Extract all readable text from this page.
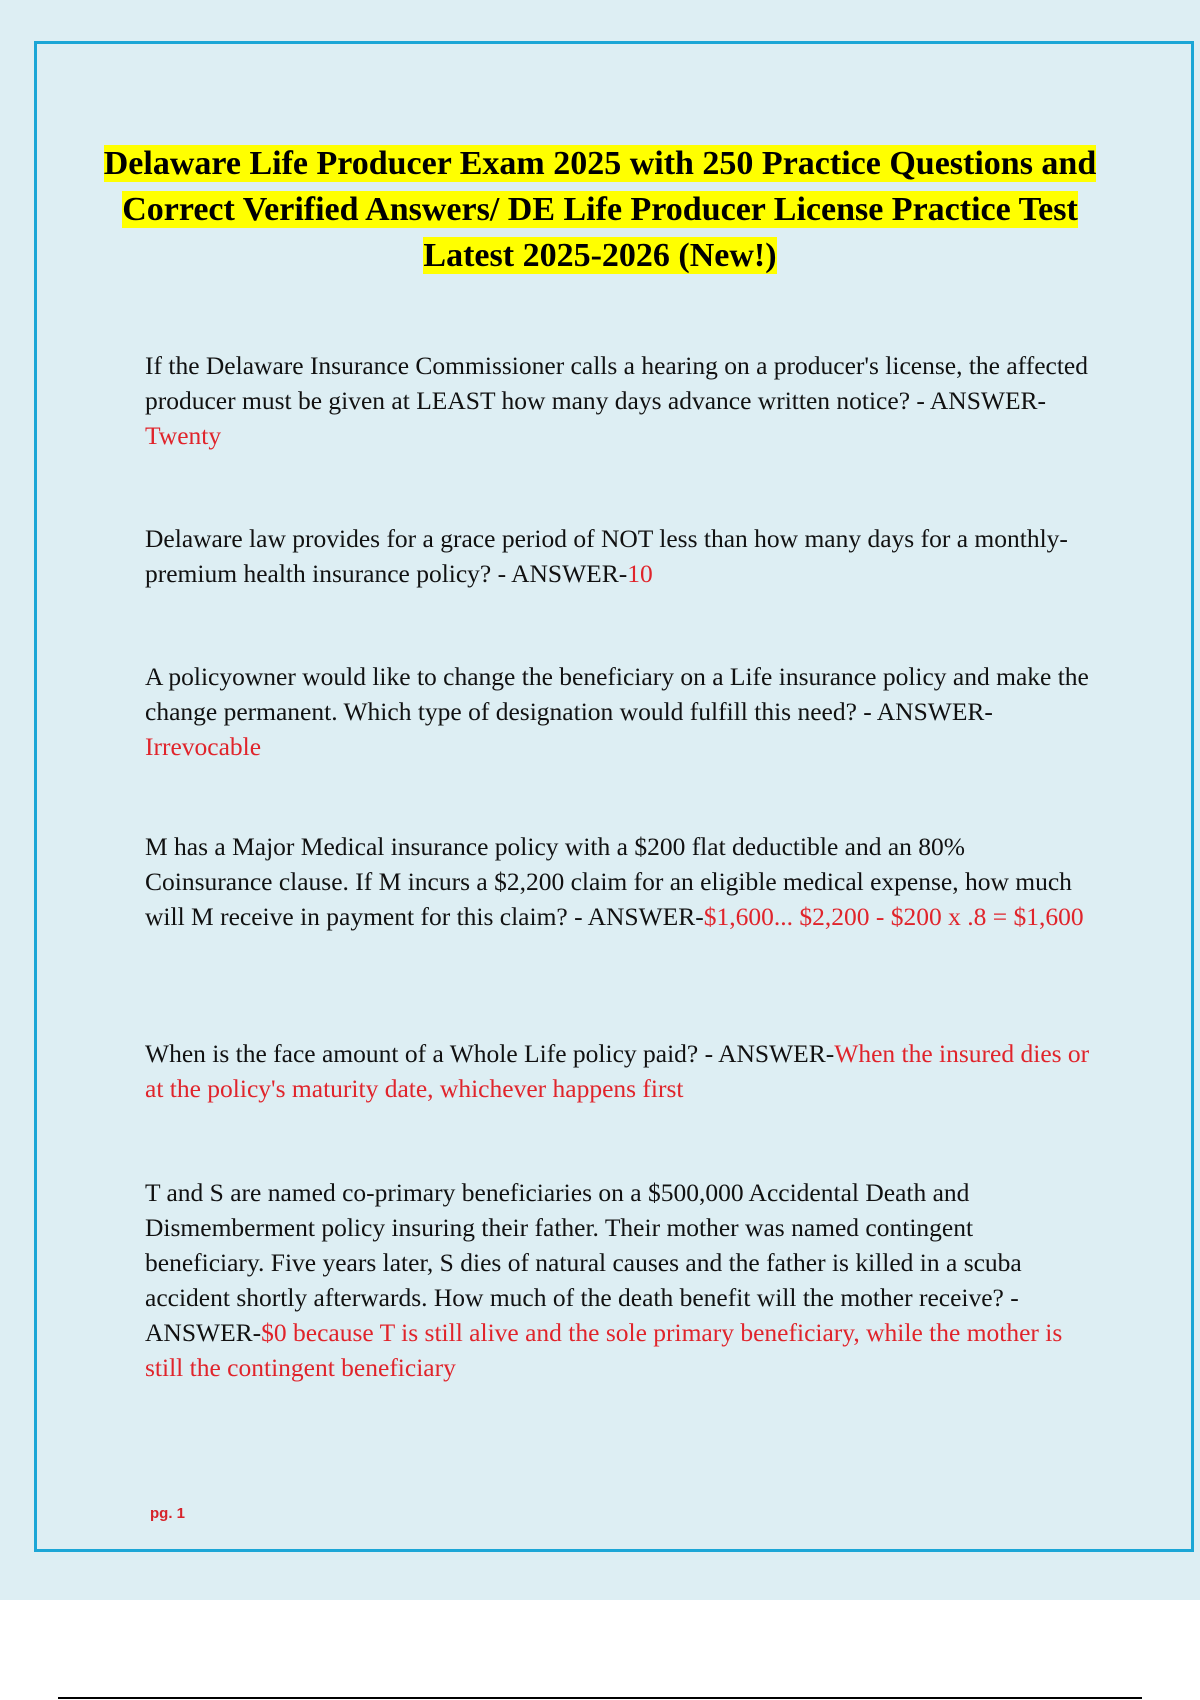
Delaware Life Producer Exam 2025 with 250 Practice Questions and Correct Verified Answers/ DE Life Producer License Practice Test Latest 2025-2026 (New!)
If the Delaware Insurance Commissioner calls a hearing on a producer's license, the affected producer must be given at LEAST how many days advance written notice? - ANSWER-Twenty
Delaware law provides for a grace period of NOT less than how many days for a monthly-premium health insurance policy? - ANSWER-10
A policyowner would like to change the beneficiary on a Life insurance policy and make the change permanent. Which type of designation would fulfill this need? - ANSWER-Irrevocable
M has a Major Medical insurance policy with a $200 flat deductible and an 80% Coinsurance clause. If M incurs a $2,200 claim for an eligible medical expense, how much will M receive in payment for this claim? - ANSWER-$1,600... $2,200 - $200 x .8 = $1,600
When is the face amount of a Whole Life policy paid? - ANSWER-When the insured dies or at the policy's maturity date, whichever happens first
T and S are named co-primary beneficiaries on a $500,000 Accidental Death and Dismemberment policy insuring their father. Their mother was named contingent beneficiary. Five years later, S dies of natural causes and the father is killed in a scuba accident shortly afterwards. How much of the death benefit will the mother receive? - ANSWER-$0 because T is still alive and the sole primary beneficiary, while the mother is still the contingent beneficiary
pg. 1
